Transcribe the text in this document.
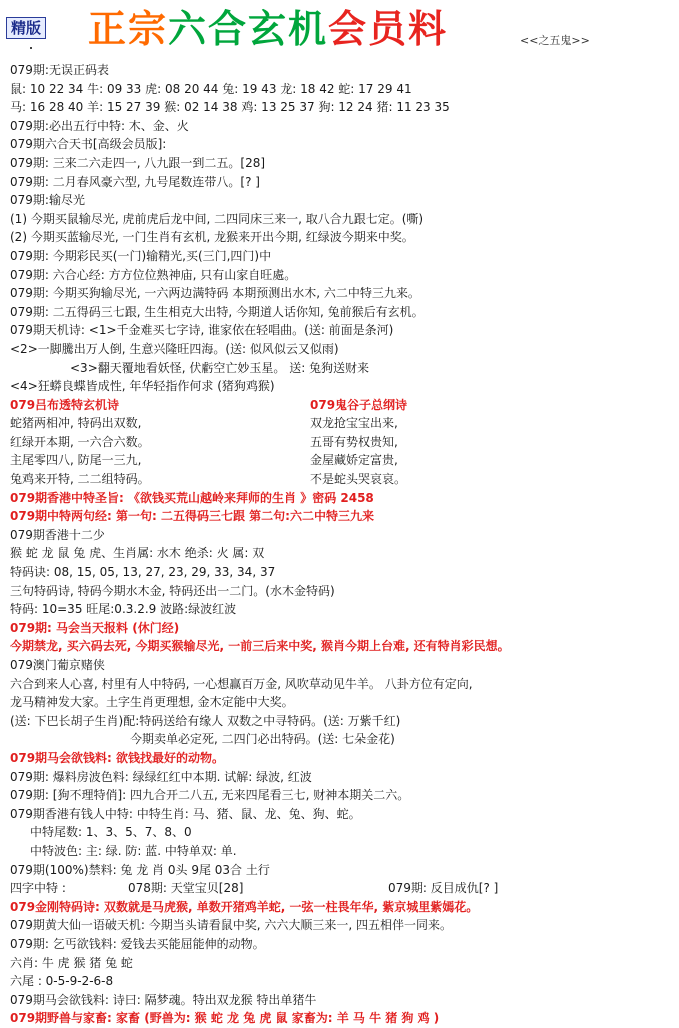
精版 正宗六合玄机会员料	<<之五鬼>>
079期:无误正码表
鼠: 10 22 34 牛: 09 33 虎: 08 20 44 兔: 19 43 龙: 18 42 蛇: 17 29 41
马: 16 28 40 羊: 15 27 39 猴: 02 14 38 鸡: 13 25 37 狗: 12 24 猪: 11 23 35
079期:必出五行中特: 木、金、火
079期六合天书[高级会员版]:
079期: 三来二六走四一, 八九跟一到二五。[28]
079期: 二月春风豪六型, 九号尾数连带八。[? ]
079期:输尽光
(1) 今期买鼠输尽光, 虎前虎后龙中间, 二四同床三来一, 取八合九跟七定。(嘶)
(2) 今期买蓝输尽光, 一门生肖有玄机, 龙猴来开出今期, 红绿波今期来中奖。
079期: 今期彩民买(一门)输精光,买(三门,四门)中
079期: 六合心经: 方方位位熟神庙, 只有山家自旺處。
079期: 今期买狗输尽光, 一六两边满特码 本期预测出水木, 六二中特三九来。
079期: 二五得码三七跟, 生生相克大出特, 今期道人话你知, 兔前猴后有玄机。
079期天机诗: <1>千金难买七字诗, 谁家依在轻唱曲。(送: 前面是条河)
<2>一脚騰出万人倒, 生意兴隆旺四海。(送: 似风似云又似雨)
<3>翻天覆地看妖怪, 伏虧空亡妙玉星。 送: 兔狗送财来
<4>狂蟒良蝶皆成性, 年华轻指作何求 (猪狗鸡猴)
079吕布透特玄机诗	079鬼谷子总纲诗
蛇猪两相冲, 特码出双数,	双龙抢宝宝出来,
红绿开本期, 一六合六数。	五哥有势权贵知,
主尾零四八, 防尾一三九,	金屋藏娇定富贵,
兔鸡来开特, 二二组特码。	不是蛇头哭哀哀。
079期香港中特圣旨: 《欲钱买荒山越岭来拜师的生肖 》密码 2458
079期中特两句经: 第一句: 二五得码三七跟 第二句:六二中特三九来
079期香港十二少
猴 蛇 龙 鼠 兔 虎、生肖属: 水木 绝杀: 火 属: 双
特码诀: 08, 15, 05, 13, 27, 23, 29, 33, 34, 37
三句特码诗, 特码今期水木金, 特码还出一二门。(水木金特码)
特码: 10=35 旺尾:0.3.2.9 波路:绿波红波
079期: 马会当天报料 (休门经)
今期禁龙, 买六码去死, 今期买猴输尽光, 一前三后来中奖, 猴肖今期上台难, 还有特肖彩民想。
079澳门葡京赌侠
六合到来人心喜, 村里有人中特码, 一心想赢百万金, 风吹草动见牛羊。 八卦方位有定向,
龙马精神发大家。土字生肖更理想, 金木定能中大奖。
(送: 下巴长胡子生肖)配:特码送给有缘人 双数之中寻特码。(送: 万紫千红)
今期卖单必定死, 二四门必出特码。(送: 七朵金花)
079期马会欲钱料: 欲钱找最好的动物。
079期: 爆料房波色料: 绿绿红红中本期. 试解: 绿波, 红波
079期: [狗不理特俏]: 四九合开二八五, 无来四尾看三七, 财神本期关二六。
079期香港有钱人中特: 中特生肖: 马、猪、鼠、龙、兔、狗、蛇。
中特尾数: 1、3、5、7、8、0
中特波色: 主: 绿. 防: 蓝. 中特单双: 单.
079期(100%)禁料: 兔 龙 肖 0头 9尾 03合 土行
四字中特 :	078期: 天堂宝贝[28]	079期: 反目成仇[? ]
079金刚特码诗: 双数就是马虎猴, 单数开猪鸡羊蛇, 一弦一柱畏年华, 紫京城里紫嫣花。
079期黄大仙一语破天机: 今期当头请看鼠中奖, 六六大顺三来一, 四五相伴一同来。
079期: 乞丐欲钱料: 爱钱去买能屈能伸的动物。
六肖: 牛 虎 猴 猪 兔 蛇
六尾 : 0-5-9-2-6-8
079期马会欲钱料: 诗曰: 隔梦魂。特出双龙猴 特出单猪牛
079期野兽与家畜: 家畜 (野兽为: 猴 蛇 龙 兔 虎 鼠 家畜为: 羊 马 牛 猪 狗 鸡 )
